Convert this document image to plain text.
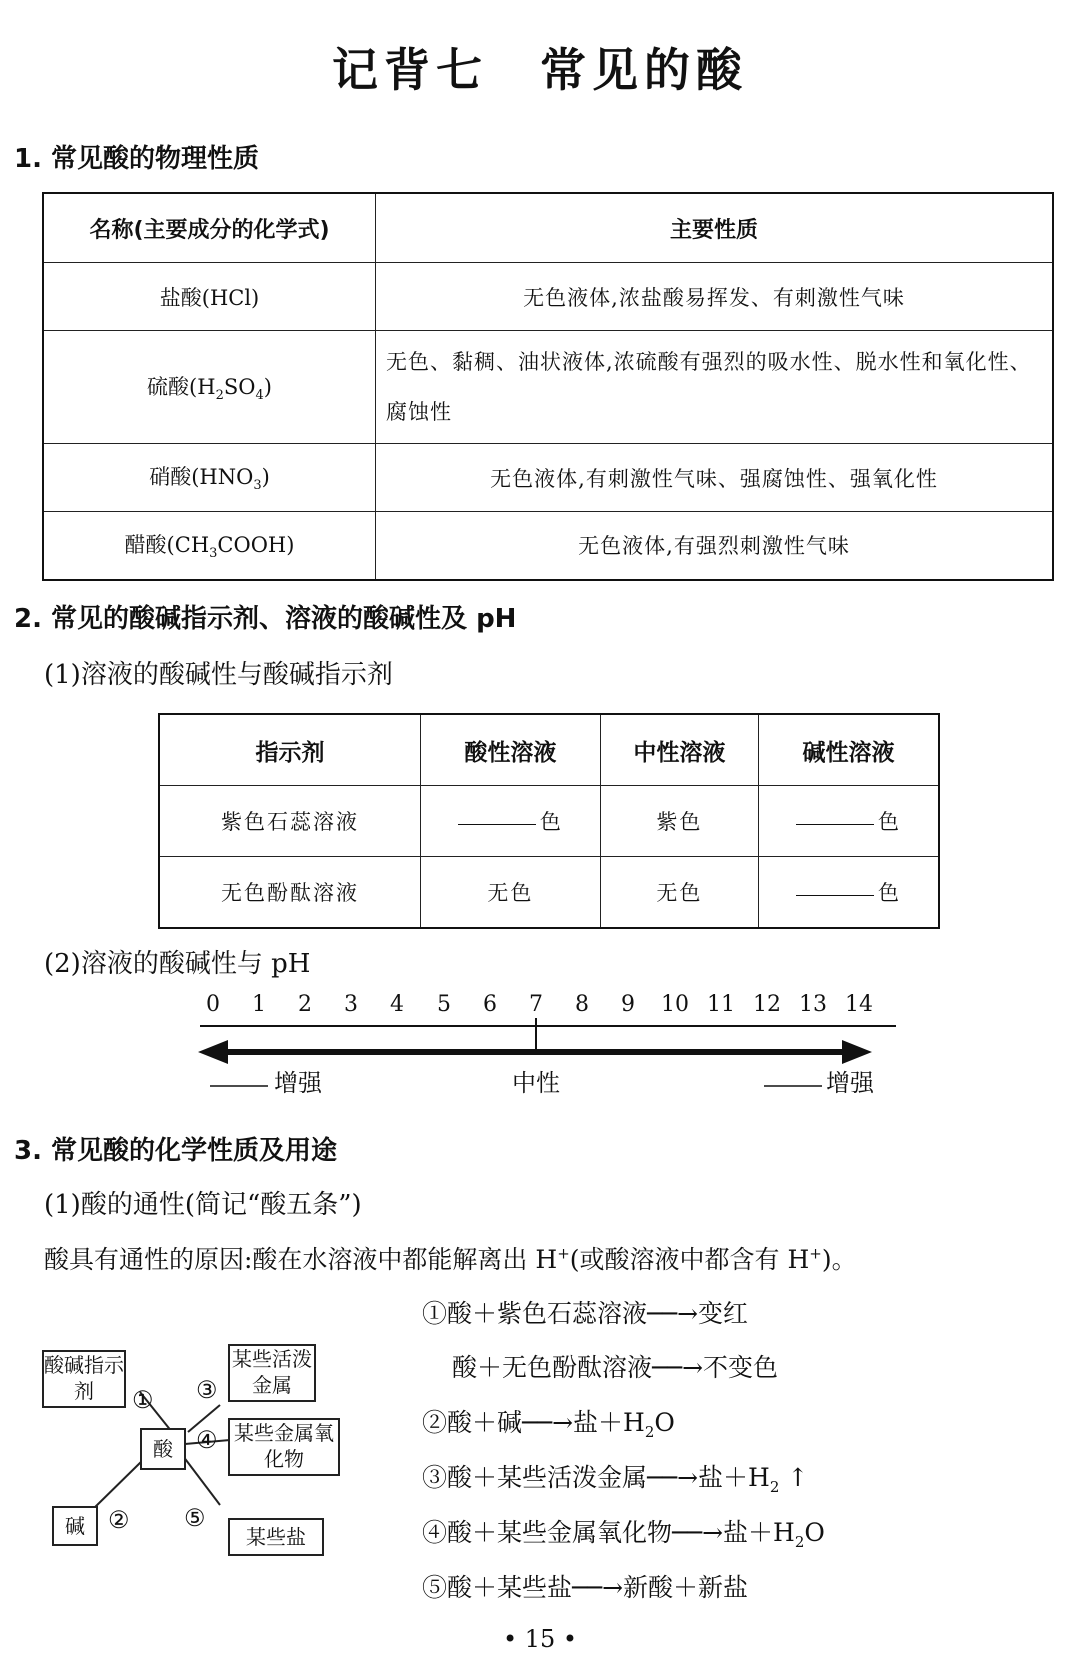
记背七　常见的酸
1. 常见酸的物理性质
名称(主要成分的化学式)	主要性质
盐酸(HCl)	无色液体,浓盐酸易挥发、有刺激性气味
硫酸$(H_2SO_4)$	无色、黏稠、油状液体,浓硫酸有强烈的吸水性、脱水性和氧化性、腐蚀性
硝酸$(HNO_3)$	无色液体,有刺激性气味、强腐蚀性、强氧化性
醋酸$(CH_3COOH)$	无色液体,有强烈刺激性气味
2. 常见的酸碱指示剂、溶液的酸碱性及 pH
(1)溶液的酸碱性与酸碱指示剂
指示剂	酸性溶液	中性溶液	碱性溶液
紫色石蕊溶液	色	紫色	色
无色酚酞溶液	无色	无色	色
(2)溶液的酸碱性与 pH
0 1 2 3 4 5 6 7 8 9 10 11 12 13 14
增强	中性	增强
3. 常见酸的化学性质及用途
(1)酸的通性(简记“酸五条”)
酸具有通性的原因:酸在水溶液中都能解离出 H+(或酸溶液中都含有 H+)。
酸碱指示剂
碱
某些活泼金属
某些金属氧化物
某些盐
酸
①
②
③
④
⑤
①酸＋紫色石蕊溶液──→变红
酸＋无色酚酞溶液──→不变色
②酸＋碱──→盐$+H_2O$
③酸＋某些活泼金属──→盐$+H_2$ ↑
④酸＋某些金属氧化物──→盐$+H_2O$
⑤酸＋某些盐──→新酸＋新盐
• 15 •
